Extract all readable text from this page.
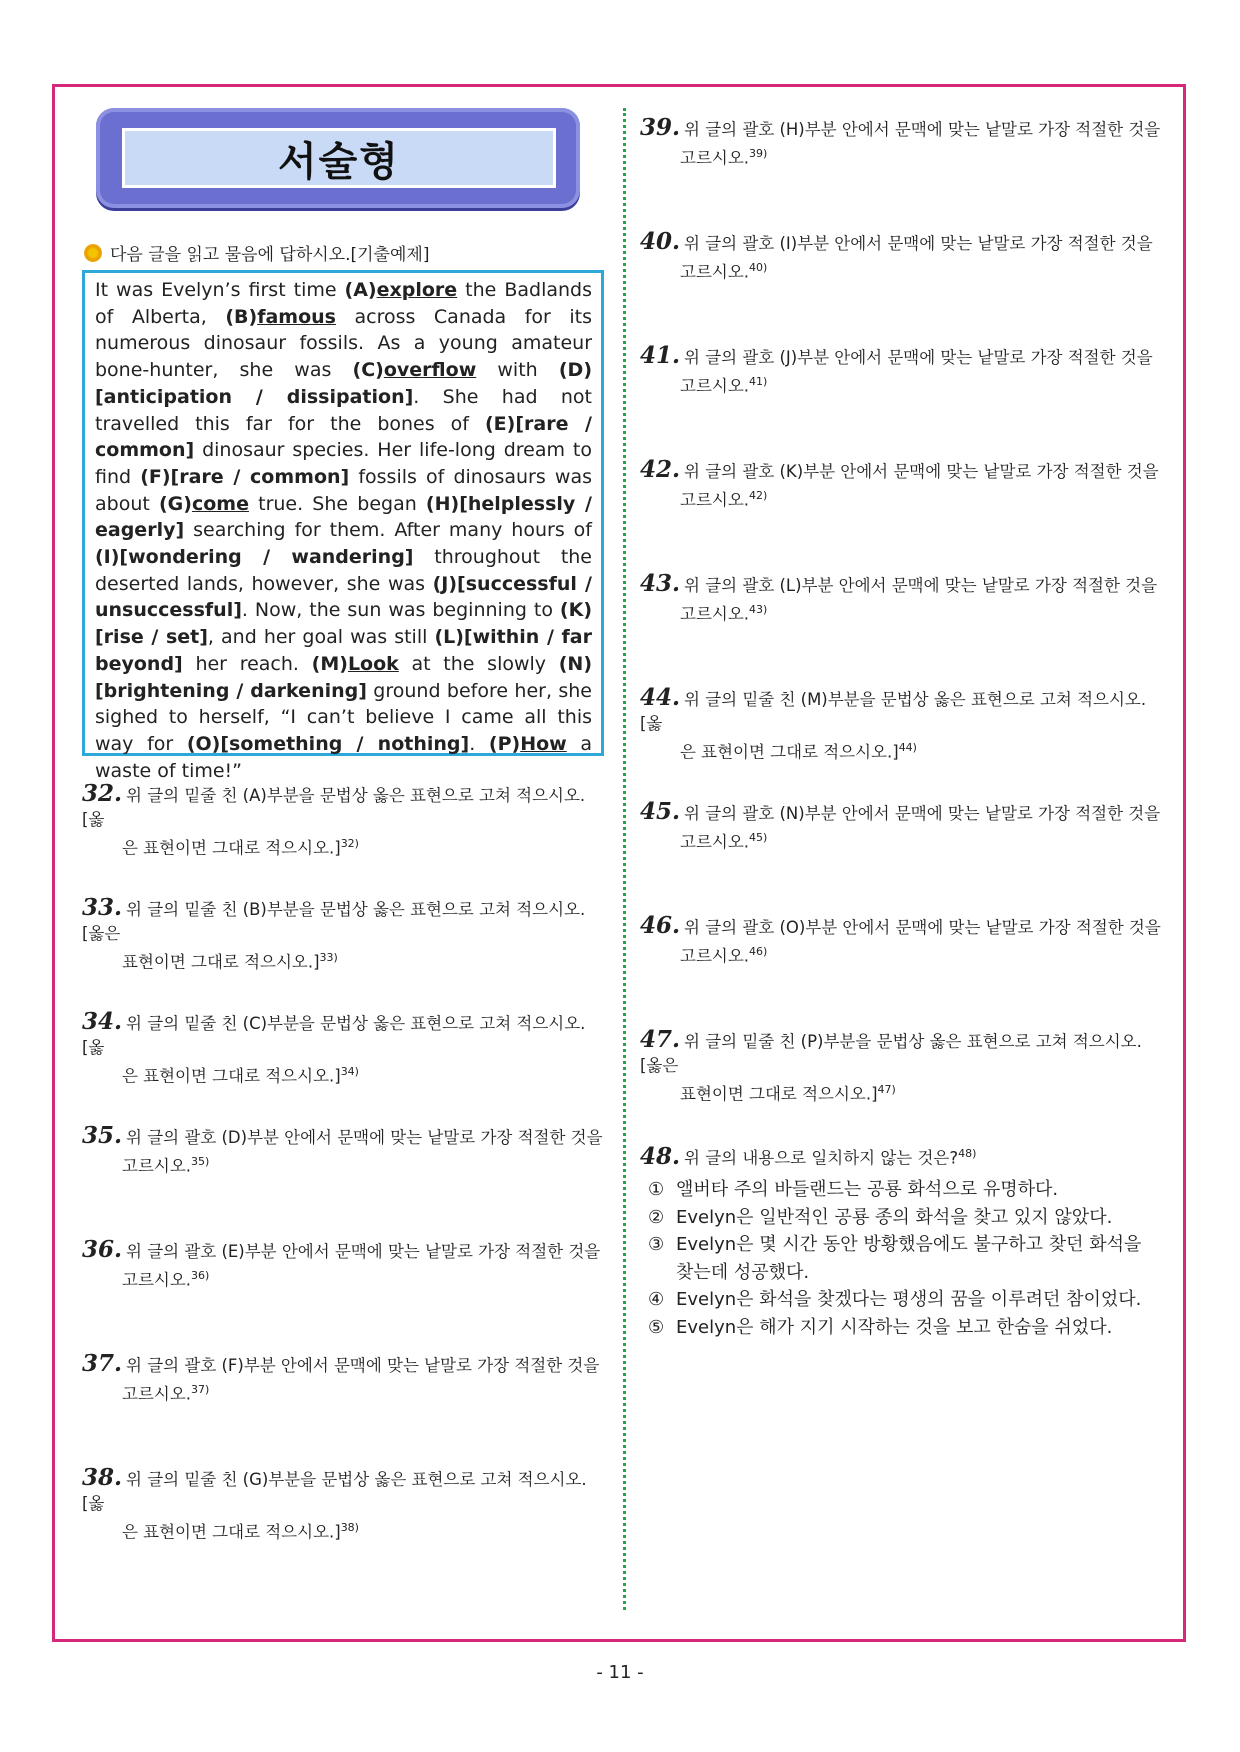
서술형
다음 글을 읽고 물음에 답하시오.[기출예제]
It was Evelyn’s first time (A)explore the Badlands of Alberta, (B)famous across Canada for its numerous dinosaur fossils. As a young amateur bone-hunter, she was (C)overflow with (D)[anticipation / dissipation]. She had not travelled this far for the bones of (E)[rare / common] dinosaur species. Her life-long dream to find (F)[rare / common] fossils of dinosaurs was about (G)come true. She began (H)[helplessly / eagerly] searching for them. After many hours of (I)[wondering / wandering] throughout the deserted lands, however, she was (J)[successful / unsuccessful]. Now, the sun was beginning to (K)[rise / set], and her goal was still (L)[within / far beyond] her reach. (M)Look at the slowly (N)[brightening / darkening] ground before her, she sighed to herself, “I can’t believe I came all this way for (O)[something / nothing]. (P)How a waste of time!”
32. 위 글의 밑줄 친 (A)부분을 문법상 옳은 표현으로 고쳐 적으시오.[옳
은 표현이면 그대로 적으시오.]$^{32)}$
33. 위 글의 밑줄 친 (B)부분을 문법상 옳은 표현으로 고쳐 적으시오.[옳은
표현이면 그대로 적으시오.]$^{33)}$
34. 위 글의 밑줄 친 (C)부분을 문법상 옳은 표현으로 고쳐 적으시오.[옳
은 표현이면 그대로 적으시오.]$^{34)}$
35. 위 글의 괄호 (D)부분 안에서 문맥에 맞는 낱말로 가장 적절한 것을
고르시오.$^{35)}$
36. 위 글의 괄호 (E)부분 안에서 문맥에 맞는 낱말로 가장 적절한 것을
고르시오.$^{36)}$
37. 위 글의 괄호 (F)부분 안에서 문맥에 맞는 낱말로 가장 적절한 것을
고르시오.$^{37)}$
38. 위 글의 밑줄 친 (G)부분을 문법상 옳은 표현으로 고쳐 적으시오.[옳
은 표현이면 그대로 적으시오.]$^{38)}$
39. 위 글의 괄호 (H)부분 안에서 문맥에 맞는 낱말로 가장 적절한 것을
고르시오.$^{39)}$
40. 위 글의 괄호 (I)부분 안에서 문맥에 맞는 낱말로 가장 적절한 것을
고르시오.$^{40)}$
41. 위 글의 괄호 (J)부분 안에서 문맥에 맞는 낱말로 가장 적절한 것을
고르시오.$^{41)}$
42. 위 글의 괄호 (K)부분 안에서 문맥에 맞는 낱말로 가장 적절한 것을
고르시오.$^{42)}$
43. 위 글의 괄호 (L)부분 안에서 문맥에 맞는 낱말로 가장 적절한 것을
고르시오.$^{43)}$
44. 위 글의 밑줄 친 (M)부분을 문법상 옳은 표현으로 고쳐 적으시오.[옳
은 표현이면 그대로 적으시오.]$^{44)}$
45. 위 글의 괄호 (N)부분 안에서 문맥에 맞는 낱말로 가장 적절한 것을
고르시오.$^{45)}$
46. 위 글의 괄호 (O)부분 안에서 문맥에 맞는 낱말로 가장 적절한 것을
고르시오.$^{46)}$
47. 위 글의 밑줄 친 (P)부분을 문법상 옳은 표현으로 고쳐 적으시오.[옳은
표현이면 그대로 적으시오.]$^{47)}$
48. 위 글의 내용으로 일치하지 않는 것은?$^{48)}$
① 앨버타 주의 바들랜드는 공룡 화석으로 유명하다.
② Evelyn은 일반적인 공룡 종의 화석을 찾고 있지 않았다.
③ Evelyn은 몇 시간 동안 방황했음에도 불구하고 찾던 화석을 찾는데 성공했다.
④ Evelyn은 화석을 찾겠다는 평생의 꿈을 이루려던 참이었다.
⑤ Evelyn은 해가 지기 시작하는 것을 보고 한숨을 쉬었다.
- 11 -
